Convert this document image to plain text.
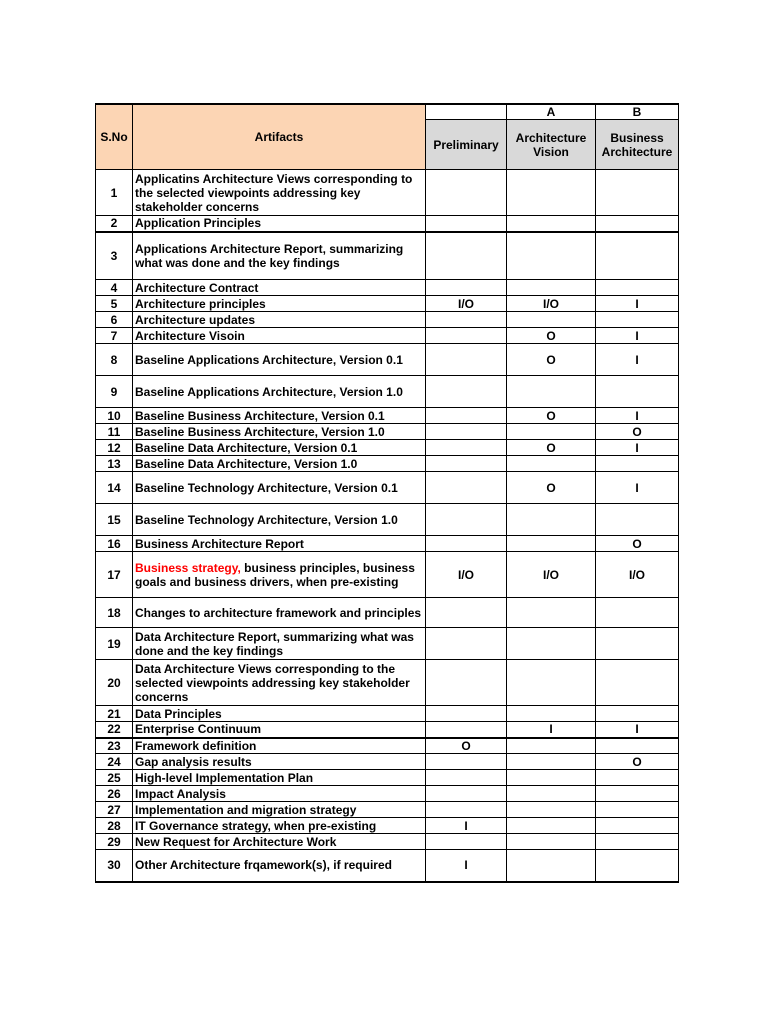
S.No	Artifacts		A	B
		Preliminary	Architecture Vision	Business Architecture
1	Applicatins Architecture Views corresponding to the selected viewpoints addressing key stakeholder concerns			
2	Application Principles			
3	Applications Architecture Report, summarizing what was done and the key findings			
4	Architecture Contract			
5	Architecture principles	I/O	I/O	I
6	Architecture updates			
7	Architecture Visoin		O	I
8	Baseline Applications Architecture, Version 0.1		O	I
9	Baseline Applications Architecture, Version 1.0			
10	Baseline Business Architecture, Version 0.1		O	I
11	Baseline Business Architecture, Version 1.0			O
12	Baseline Data Architecture, Version 0.1		O	I
13	Baseline Data Architecture, Version 1.0			
14	Baseline Technology Architecture, Version 0.1		O	I
15	Baseline Technology Architecture, Version 1.0			
16	Business Architecture Report			O
17	Business strategy, business principles, business goals and business drivers, when pre-existing	I/O	I/O	I/O
18	Changes to architecture framework and principles			
19	Data Architecture Report, summarizing what was done and the key findings			
20	Data Architecture Views corresponding to the selected viewpoints addressing key stakeholder concerns			
21	Data Principles			
22	Enterprise Continuum		I	I
23	Framework definition	O		
24	Gap analysis results			O
25	High-level Implementation Plan			
26	Impact Analysis			
27	Implementation and migration strategy			
28	IT Governance strategy, when pre-existing	I		
29	New Request for Architecture Work			
30	Other Architecture frqamework(s), if required	I		
